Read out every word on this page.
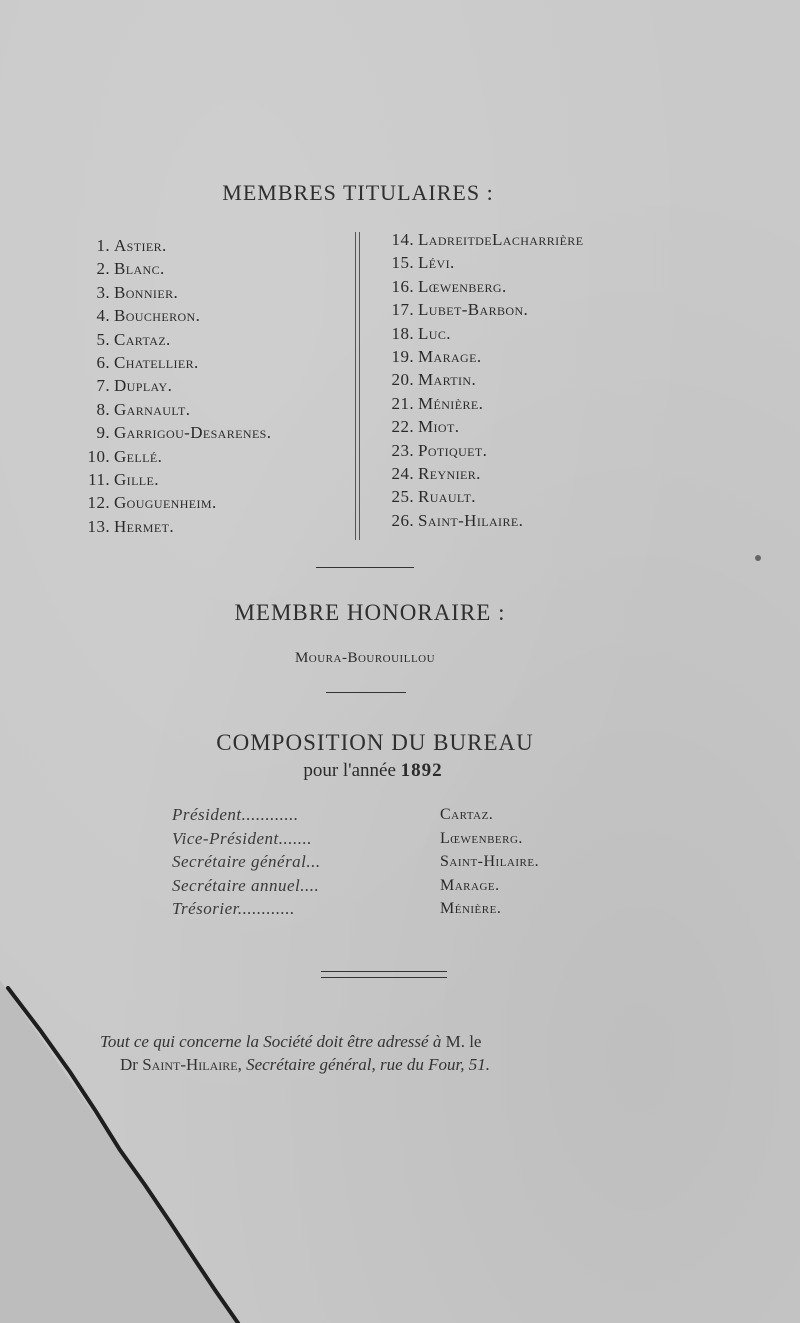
MEMBRES TITULAIRES :
1. Astier.
2. Blanc.
3. Bonnier.
4. Boucheron.
5. Cartaz.
6. Chatellier.
7. Duplay.
8. Garnault.
9. Garrigou-Desarenes.
10. Gellé.
11. Gille.
12. Gouguenheim.
13. Hermet.
14. LadreitdeLacharrière
15. Lévi.
16. Lœwenberg.
17. Lubet-Barbon.
18. Luc.
19. Marage.
20. Martin.
21. Ménière.
22. Miot.
23. Potiquet.
24. Reynier.
25. Ruault.
26. Saint-Hilaire.
MEMBRE HONORAIRE :
Moura-Bourouillou
COMPOSITION DU BUREAU
pour l'année 1892
Président............	Cartaz.
Vice-Président.......	Lœwenberg.
Secrétaire général...	Saint-Hilaire.
Secrétaire annuel....	Marage.
Trésorier............	Ménière.
Tout ce qui concerne la Société doit être adressé à M. le
Dr Saint-Hilaire, Secrétaire général, rue du Four, 51.
